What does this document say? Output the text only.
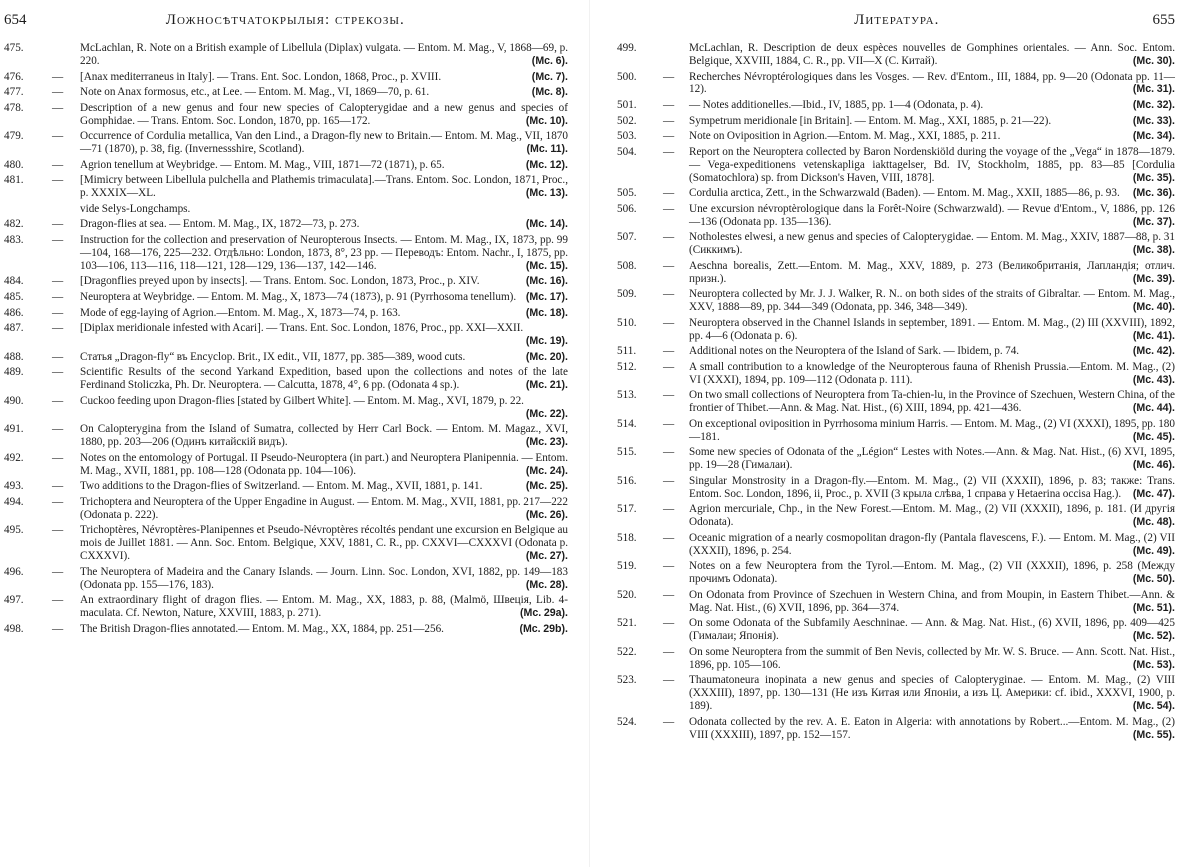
654	Ложносѣтчатокрылыя: стрекозы.
475.	McLachlan, R. Note on a British example of Libellula (Diplax) vulgata. — Entom. M. Mag., V, 1868—69, p. 220.	(Mc. 6).
476.	— [Anax mediterraneus in Italy]. — Trans. Ent. Soc. London, 1868, Proc., p. XVIII.	(Mc. 7).
477.	— Note on Anax formosus, etc., at Lee. — Entom. M. Mag., VI, 1869—70, p. 61.	(Mc. 8).
478.	— Description of a new genus and four new species of Calopterygidae and a new genus and species of Gomphidae. — Trans. Entom. Soc. London, 1870, pp. 165—172.	(Mc. 10).
479.	— Occurrence of Cordulia metallica, Van den Lind., a Dragon-fly new to Britain.— Entom. M. Mag., VII, 1870—71 (1870), p. 38, fig. (Invernessshire, Scotland).	(Mc. 11).
480.	— Agrion tenellum at Weybridge. — Entom. M. Mag., VIII, 1871—72 (1871), p. 65.	(Mc. 12).
481.	— [Mimicry between Libellula pulchella and Plathemis trimaculata].—Trans. Entom. Soc. London, 1871, Proc., p. XXXIX—XL.	(Mc. 13).
vide Selys-Longchamps.
482.	— Dragon-flies at sea. — Entom. M. Mag., IX, 1872—73, p. 273.	(Mc. 14).
483.	— Instruction for the collection and preservation of Neuropterous Insects. — Entom. M. Mag., IX, 1873, pp. 99—104, 168—176, 225—232. Отдѣльно: London, 1873, 8°, 23 pp. — Переводъ: Entom. Nachr., I, 1875, pp. 103—106, 113—116, 118—121, 128—129, 136—137, 142—146.	(Mc. 15).
484.	— [Dragonflies preyed upon by insects]. — Trans. Entom. Soc. London, 1873, Proc., p. XIV.	(Mc. 16).
485.	— Neuroptera at Weybridge. — Entom. M. Mag., X, 1873—74 (1873), p. 91 (Pyrrhosoma tenellum). (Mc. 17).
486.	— Mode of egg-laying of Agrion.—Entom. M. Mag., X, 1873—74, p. 163.	(Mc. 18).
487.	— [Diplax meridionale infested with Acari]. — Trans. Ent. Soc. London, 1876, Proc., pp. XXI—XXII.
(Mc. 19).
488.	— Статья „Dragon-fly“ въ Encyclop. Brit., IX edit., VII, 1877, pp. 385—389, wood cuts.	(Mc. 20).
489.	— Scientific Results of the second Yarkand Expedition, based upon the collections and notes of the late Ferdinand Stoliczka, Ph. Dr. Neuroptera. — Calcutta, 1878, 4°, 6 pp. (Odonata 4 sp.).	(Mc. 21).
490.	— Cuckoo feeding upon Dragon-flies [stated by Gilbert White]. — Entom. M. Mag., XVI, 1879, p. 22.
(Mc. 22).
491.	— On Calopterygina from the Island of Sumatra, collected by Herr Carl Bock. — Entom. M. Magaz., XVI, 1880, pp. 203—206 (Одинъ китайскій видъ).	(Mc. 23).
492.	— Notes on the entomology of Portugal. II Pseudo-Neuroptera (in part.) and Neuroptera Planipennia. — Entom. M. Mag., XVII, 1881, pp. 108—128 (Odonata pp. 104—106).	(Mc. 24).
493.	— Two additions to the Dragon-flies of Switzerland. — Entom. M. Mag., XVII, 1881, p. 141.	(Mc. 25).
494.	— Trichoptera and Neuroptera of the Upper Engadine in August. — Entom. M. Mag., XVII, 1881, pp. 217—222 (Odonata p. 222).	(Mc. 26).
495.	— Trichoptères, Névroptères-Planipennes et Pseudo-Névroptères récoltés pendant une excursion en Belgique au mois de Juillet 1881. — Ann. Soc. Entom. Belgique, XXV, 1881, C. R., pp. CXXVI—CXXXVI (Odonata p. CXXXVI).	(Mc. 27).
496.	— The Neuroptera of Madeira and the Canary Islands. — Journ. Linn. Soc. London, XVI, 1882, pp. 149—183 (Odonata pp. 155—176, 183).	(Mc. 28).
497.	— An extraordinary flight of dragon flies. — Entom. M. Mag., XX, 1883, p. 88, (Malmö, Швеція, Lib. 4-maculata. Cf. Newton, Nature, XXVIII, 1883, p. 271).	(Mc. 29a).
498.	— The British Dragon-flies annotated.— Entom. M. Mag., XX, 1884, pp. 251—256.	(Mc. 29b).
Литература.	655
499.	McLachlan, R. Description de deux espèces nouvelles de Gomphines orientales. — Ann. Soc. Entom. Belgique, XXVIII, 1884, C. R., pp. VII—X (С. Китай).	(Mc. 30).
500.	— Recherches Névroptérologiques dans les Vosges. — Rev. d'Entom., III, 1884, pp. 9—20 (Odonata pp. 11—12).	(Mc. 31).
501.	— — Notes additionelles.—Ibid., IV, 1885, pp. 1—4 (Odonata, p. 4).	(Mc. 32).
502.	— Sympetrum meridionale [in Britain]. — Entom. M. Mag., XXI, 1885, p. 21—22).	(Mc. 33).
503.	— Note on Oviposition in Agrion.—Entom. M. Mag., XXI, 1885, p. 211.	(Mc. 34).
504.	— Report on the Neuroptera collected by Baron Nordenskiöld during the voyage of the „Vega“ in 1878—1879. — Vega-expeditionens vetenskapliga iakttagelser, Bd. IV, Stockholm, 1885, pp. 83—85 [Cordulia (Somatochlora) sp. from Dickson's Haven, VIII, 1878].	(Mc. 35).
505.	— Cordulia arctica, Zett., in the Schwarzwald (Baden). — Entom. M. Mag., XXII, 1885—86, p. 93. (Mc. 36).
506.	— Une excursion névroptèrologique dans la Forêt-Noire (Schwarzwald). — Revue d'Entom., V, 1886, pp. 126—136 (Odonata pp. 135—136).	(Mc. 37).
507.	— Notholestes elwesi, a new genus and species of Calopterygidae. — Entom. M. Mag., XXIV, 1887—88, p. 31 (Сиккимъ).	(Mc. 38).
508.	— Aeschna borealis, Zett.—Entom. M. Mag., XXV, 1889, p. 273 (Великобританія, Лапландія; отлич. призн.).	(Mc. 39).
509.	— Neuroptera collected by Mr. J. J. Walker, R. N.. on both sides of the straits of Gibraltar. — Entom. M. Mag., XXV, 1888—89, pp. 344—349 (Odonata, pp. 346, 348—349).	(Mc. 40).
510.	— Neuroptera observed in the Channel Islands in september, 1891. — Entom. M. Mag., (2) III (XXVIII), 1892, pp. 4—6 (Odonata p. 6).	(Mc. 41).
511.	— Additional notes on the Neuroptera of the Island of Sark. — Ibidem, p. 74.	(Mc. 42).
512.	— A small contribution to a knowledge of the Neuropterous fauna of Rhenish Prussia.—Entom. M. Mag., (2) VI (XXXI), 1894, pp. 109—112 (Odonata p. 111).	(Mc. 43).
513.	— On two small collections of Neuroptera from Ta-chien-lu, in the Province of Szechuen, Western China, of the frontier of Thibet.—Ann. & Mag. Nat. Hist., (6) XIII, 1894, pp. 421—436.	(Mc. 44).
514.	— On exceptional oviposition in Pyrrhosoma minium Harris. — Entom. M. Mag., (2) VI (XXXI), 1895, pp. 180—181.	(Mc. 45).
515.	— Some new species of Odonata of the „Légion“ Lestes with Notes.—Ann. & Mag. Nat. Hist., (6) XVI, 1895, pp. 19—28 (Гималаи).	(Mc. 46).
516.	— Singular Monstrosity in a Dragon-fly.—Entom. M. Mag., (2) VII (XXXII), 1896, p. 83; также: Trans. Entom. Soc. London, 1896, ii, Proc., p. XVII (3 крыла слѣва, 1 справа у Hetaerina occisa Hag.). (Mc. 47).
517.	— Agrion mercuriale, Chp., in the New Forest.—Entom. M. Mag., (2) VII (XXXII), 1896, p. 181. (И другія Odonata).	(Mc. 48).
518.	— Oceanic migration of a nearly cosmopolitan dragon-fly (Pantala flavescens, F.). — Entom. M. Mag., (2) VII (XXXII), 1896, p. 254.	(Mc. 49).
519.	— Notes on a few Neuroptera from the Tyrol.—Entom. M. Mag., (2) VII (XXXII), 1896, p. 258 (Между прочимъ Odonata).	(Mc. 50).
520.	— On Odonata from Province of Szechuen in Western China, and from Moupin, in Eastern Thibet.—Ann. & Mag. Nat. Hist., (6) XVII, 1896, pp. 364—374.	(Mc. 51).
521.	— On some Odonata of the Subfamily Aeschninae. — Ann. & Mag. Nat. Hist., (6) XVII, 1896, pp. 409—425 (Гималаи; Японія).	(Mc. 52).
522.	— On some Neuroptera from the summit of Ben Nevis, collected by Mr. W. S. Bruce. — Ann. Scott. Nat. Hist., 1896, pp. 105—106.	(Mc. 53).
523.	— Thaumatoneura inopinata a new genus and species of Calopteryginae. — Entom. M. Mag., (2) VIII (XXXIII), 1897, pp. 130—131 (Не изъ Китая или Японіи, а изъ Ц. Америки: cf. ibid., XXXVI, 1900, p. 189).	(Mc. 54).
524.	— Odonata collected by the rev. A. E. Eaton in Algeria: with annotations by Robert...—Entom. M. Mag., (2) VIII (XXXIII), 1897, pp. 152—157.	(Mc. 55).
